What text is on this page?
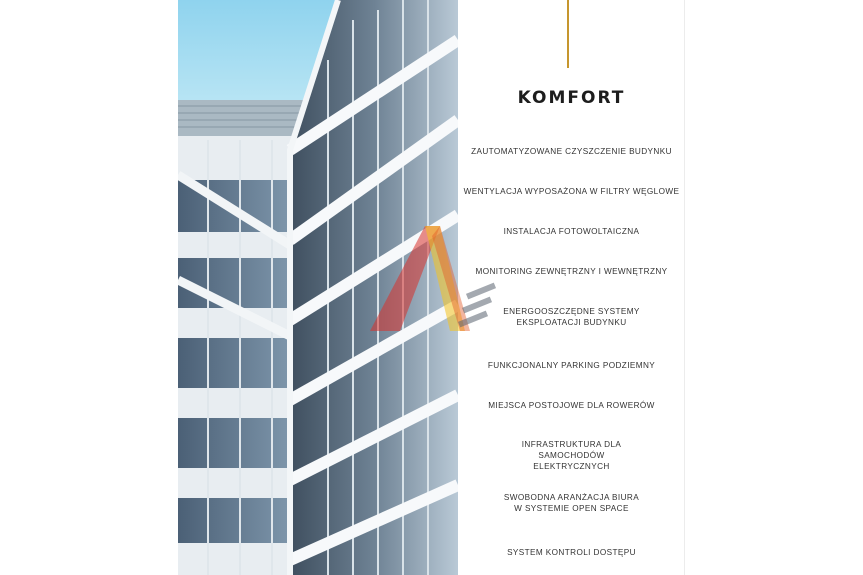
KOMFORT
ZAUTOMATYZOWANE CZYSZCZENIE BUDYNKU
WENTYLACJA WYPOSAŻONA W FILTRY WĘGLOWE
INSTALACJA FOTOWOLTAICZNA
MONITORING ZEWNĘTRZNY I WEWNĘTRZNY
ENERGOOSZCZĘDNE SYSTEMY EKSPLOATACJI BUDYNKU
FUNKCJONALNY PARKING PODZIEMNY
MIEJSCA POSTOJOWE DLA ROWERÓW
INFRASTRUKTURA DLA SAMOCHODÓW ELEKTRYCZNYCH
SWOBODNA ARANŻACJA BIURA W SYSTEMIE OPEN SPACE
SYSTEM KONTROLI DOSTĘPU
